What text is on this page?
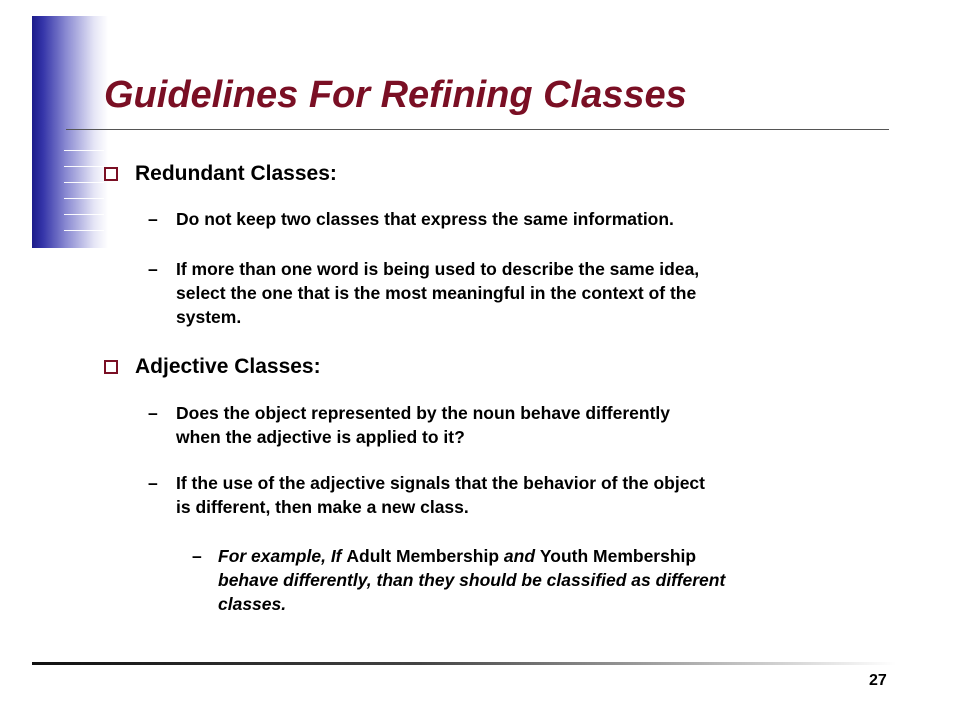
Guidelines For Refining Classes
Redundant Classes:
– Do not keep two classes that express the same information.
– If more than one word is being used to describe the same idea,
select the one that is the most meaningful in the context of the
system.
Adjective Classes:
– Does the object represented by the noun behave differently
when the adjective is applied to it?
– If the use of the adjective signals that the behavior of the object
is different, then make a new class.
– For example, If Adult Membership and Youth Membership
behave differently, than they should be classified as different
classes.
27
